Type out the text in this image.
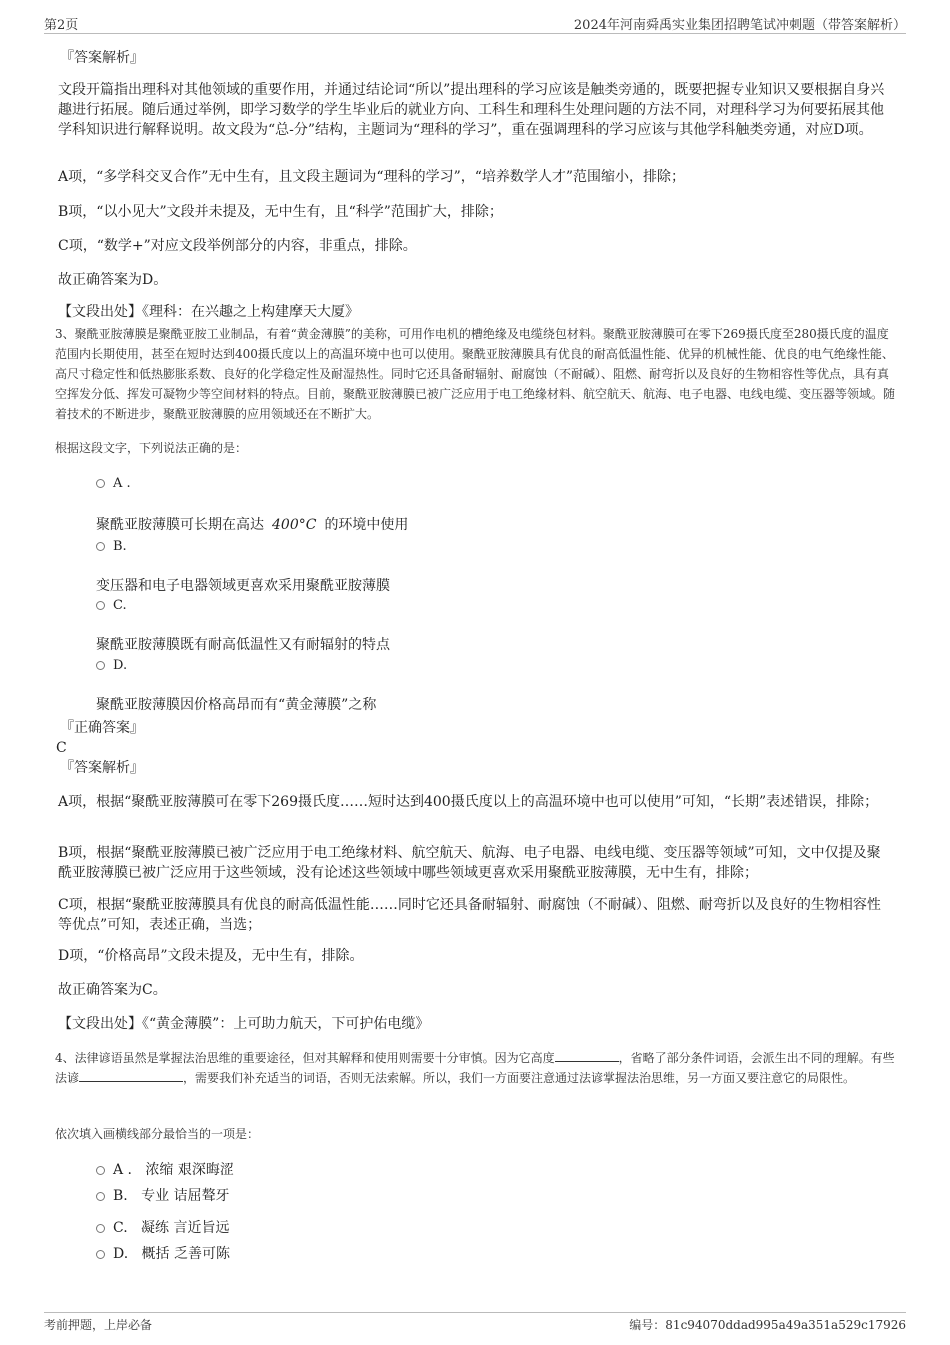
第2页	2024年河南舜禹实业集团招聘笔试冲刺题（带答案解析）
『答案解析』
文段开篇指出理科对其他领域的重要作用，并通过结论词“所以”提出理科的学习应该是触类旁通的，既要把握专业知识又要根据自身兴趣进行拓展。随后通过举例，即学习数学的学生毕业后的就业方向、工科生和理科生处理问题的方法不同，对理科学习为何要拓展其他学科知识进行解释说明。故文段为“总-分”结构，主题词为“理科的学习”，重在强调理科的学习应该与其他学科触类旁通，对应D项。
A项，“多学科交叉合作”无中生有，且文段主题词为“理科的学习”，“培养数学人才”范围缩小，排除；
B项，“以小见大”文段并未提及，无中生有，且“科学”范围扩大，排除；
C项，“数学+”对应文段举例部分的内容，非重点，排除。
故正确答案为D。
【文段出处】《理科：在兴趣之上构建摩天大厦》
3、聚酰亚胺薄膜是聚酰亚胺工业制品，有着“黄金薄膜”的美称，可用作电机的槽绝缘及电缆绕包材料。聚酰亚胺薄膜可在零下269摄氏度至280摄氏度的温度范围内长期使用，甚至在短时达到400摄氏度以上的高温环境中也可以使用。聚酰亚胺薄膜具有优良的耐高低温性能、优异的机械性能、优良的电气绝缘性能、高尺寸稳定性和低热膨胀系数、良好的化学稳定性及耐湿热性。同时它还具备耐辐射、耐腐蚀（不耐碱）、阻燃、耐弯折以及良好的生物相容性等优点，具有真空挥发分低、挥发可凝物少等空间材料的特点。目前，聚酰亚胺薄膜已被广泛应用于电工绝缘材料、航空航天、航海、电子电器、电线电缆、变压器等领域。随着技术的不断进步，聚酰亚胺薄膜的应用领域还在不断扩大。
根据这段文字，下列说法正确的是：
A .
聚酰亚胺薄膜可长期在高达 400°C 的环境中使用
B.
变压器和电子电器领域更喜欢采用聚酰亚胺薄膜
C.
聚酰亚胺薄膜既有耐高低温性又有耐辐射的特点
D.
聚酰亚胺薄膜因价格高昂而有“黄金薄膜”之称
『正确答案』
C
『答案解析』
A项，根据“聚酰亚胺薄膜可在零下269摄氏度……短时达到400摄氏度以上的高温环境中也可以使用”可知，“长期”表述错误，排除；
B项，根据“聚酰亚胺薄膜已被广泛应用于电工绝缘材料、航空航天、航海、电子电器、电线电缆、变压器等领域”可知，文中仅提及聚酰亚胺薄膜已被广泛应用于这些领域，没有论述这些领域中哪些领域更喜欢采用聚酰亚胺薄膜，无中生有，排除；
C项，根据“聚酰亚胺薄膜具有优良的耐高低温性能……同时它还具备耐辐射、耐腐蚀（不耐碱）、阻燃、耐弯折以及良好的生物相容性等优点”可知，表述正确，当选；
D项，“价格高昂”文段未提及，无中生有，排除。
故正确答案为C。
【文段出处】《“黄金薄膜”：上可助力航天，下可护佑电缆》
4、法律谚语虽然是掌握法治思维的重要途径，但对其解释和使用则需要十分审慎。因为它高度	，省略了部分条件词语，会派生出不同的理解。有些法谚	，需要我们补充适当的词语，否则无法索解。所以，我们一方面要注意通过法谚掌握法治思维，另一方面又要注意它的局限性。
依次填入画横线部分最恰当的一项是：
A . 浓缩 艰深晦涩
B. 专业 诘屈聱牙
C. 凝练 言近旨远
D. 概括 乏善可陈
考前押题，上岸必备	编号：81c94070ddad995a49a351a529c17926
